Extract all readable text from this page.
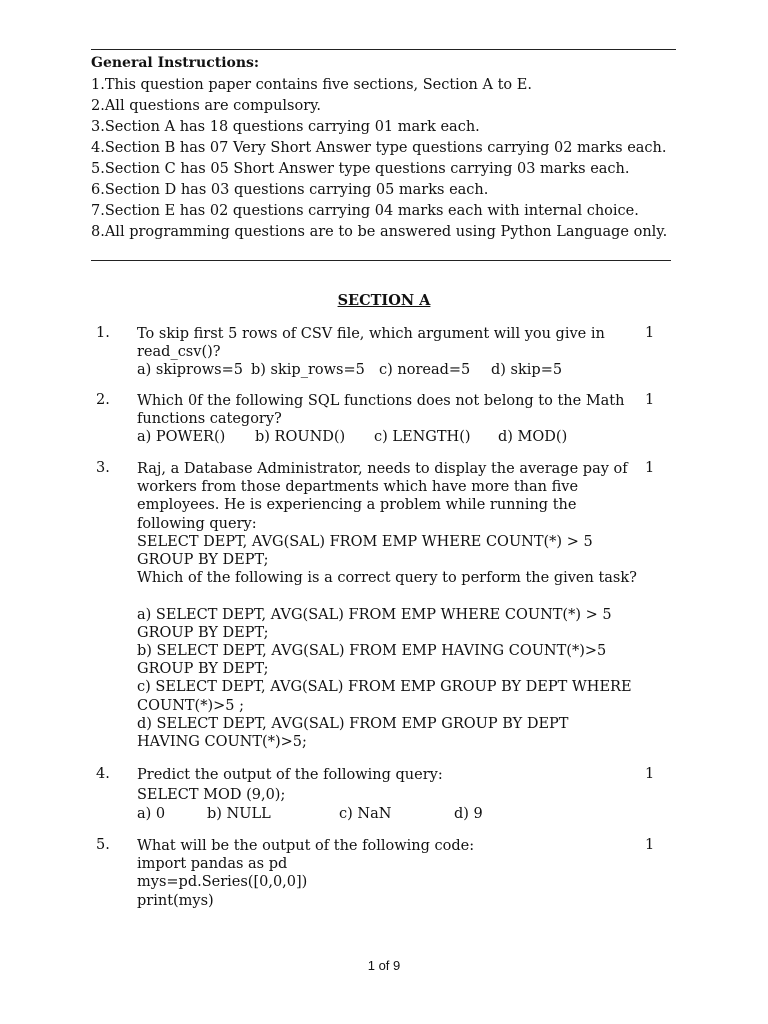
General Instructions:
1.This question paper contains five sections, Section A to E.
2.All questions are compulsory.
3.Section A has 18 questions carrying 01 mark each.
4.Section B has 07 Very Short Answer type questions carrying 02 marks each.
5.Section C has 05 Short Answer type questions carrying 03 marks each.
6.Section D has 03 questions carrying 05 marks each.
7.Section E has 02 questions carrying 04 marks each with internal choice.
8.All programming questions are to be answered using Python Language only.
SECTION A
1. To skip first 5 rows of CSV file, which argument will you give in
read_csv()?
a) skiprows=5 b) skip_rows=5 c) noread=5	d) skip=5
1
2. Which 0f the following SQL functions does not belong to the Math
functions category?
a) POWER()	b) ROUND()	c) LENGTH()	d) MOD()
1
3. Raj, a Database Administrator, needs to display the average pay of
workers from those departments which have more than five
employees. He is experiencing a problem while running the
following query:
SELECT DEPT, AVG(SAL) FROM EMP WHERE COUNT(*) > 5
GROUP BY DEPT;
Which of the following is a correct query to perform the given task?
a) SELECT DEPT, AVG(SAL) FROM EMP WHERE COUNT(*) > 5
GROUP BY DEPT;
b) SELECT DEPT, AVG(SAL) FROM EMP HAVING COUNT(*)>5
GROUP BY DEPT;
c) SELECT DEPT, AVG(SAL) FROM EMP GROUP BY DEPT WHERE
COUNT(*)>5 ;
d) SELECT DEPT, AVG(SAL) FROM EMP GROUP BY DEPT
HAVING COUNT(*)>5;
1
4. Predict the output of the following query:
SELECT MOD (9,0);
a) 0	b) NULL	c) NaN	d) 9
1
5. What will be the output of the following code:
import pandas as pd
mys=pd.Series([0,0,0])
print(mys)
1
1 of 9
